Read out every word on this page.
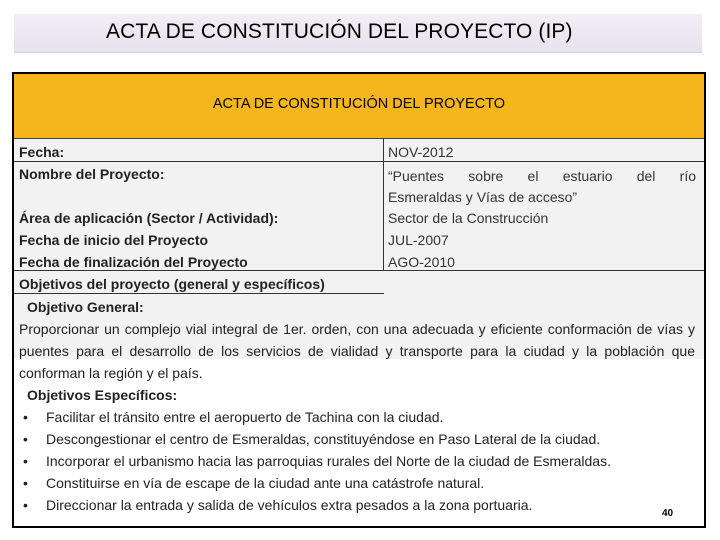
ACTA DE CONSTITUCIÓN DEL PROYECTO (IP)
ACTA DE CONSTITUCIÓN DEL PROYECTO
Fecha:	NOV-2012
Nombre del Proyecto:	“Puentes sobre el estuario del río
Esmeraldas y Vías de acceso”
Área de aplicación (Sector / Actividad):	Sector de la Construcción
Fecha de inicio del Proyecto	JUL-2007
Fecha de finalización del Proyecto	AGO-2010
Objetivos del proyecto (general y específicos)
Objetivo General:
Proporcionar un complejo vial integral de 1er. orden, con una adecuada y eficiente conformación de vías y puentes para el desarrollo de los servicios de vialidad y transporte para la ciudad y la población que conforman la región y el país.
Objetivos Específicos:
• Facilitar el tránsito entre el aeropuerto de Tachina con la ciudad.
• Descongestionar el centro de Esmeraldas, constituyéndose en Paso Lateral de la ciudad.
• Incorporar el urbanismo hacia las parroquias rurales del Norte de la ciudad de Esmeraldas.
• Constituirse en vía de escape de la ciudad ante una catástrofe natural.
• Direccionar la entrada y salida de vehículos extra pesados a la zona portuaria.
40
